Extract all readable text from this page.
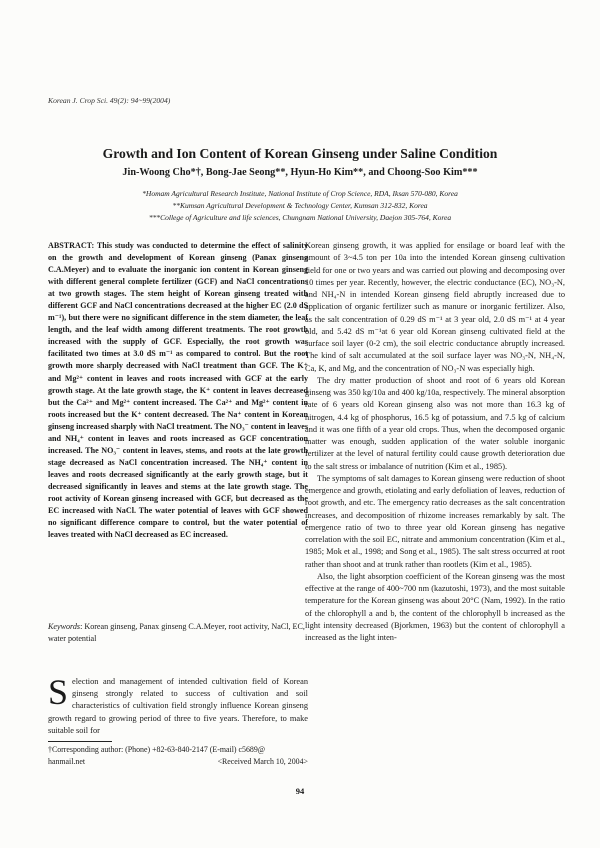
Korean J. Crop Sci. 49(2): 94~99(2004)
Growth and Ion Content of Korean Ginseng under Saline Condition
Jin-Woong Cho*†, Bong-Jae Seong**, Hyun-Ho Kim**, and Choong-Soo Kim***
*Homam Agricultural Research Institute, National Institute of Crop Science, RDA, Iksan 570-080, Korea
**Kumsan Agricultural Development & Technology Center, Kumsan 312-832, Korea
***College of Agriculture and life sciences, Chungnam National University, Daejon 305-764, Korea

ABSTRACT: This study was conducted to determine the effect of salinity on the growth and development of Korean ginseng (Panax ginseng C.A.Meyer) and to evaluate the inorganic ion content in Korean ginseng with different general complete fertilizer (GCF) and NaCl concentrations at two growth stages. The stem height of Korean ginseng treated with different GCF and NaCl concentrations decreased at the higher EC (2.0 dS m⁻¹), but there were no significant difference in the stem diameter, the leaf length, and the leaf width among different treatments. The root growth increased with the supply of GCF. Especially, the root growth was facilitated two times at 3.0 dS m⁻¹ as compared to control. But the root growth more sharply decreased with NaCl treatment than GCF. The K⁺ and Mg²⁺ content in leaves and roots increased with GCF at the early growth stage. At the late growth stage, the K⁺ content in leaves decreased but the Ca²⁺ and Mg²⁺ content increased. The Ca²⁺ and Mg²⁺ content in roots increased but the K⁺ content decreased. The Na⁺ content in Korean ginseng increased sharply with NaCl treatment. The NO₃⁻ content in leaves and NH₄⁺ content in leaves and roots increased as GCF concentration increased. The NO₃⁻ content in leaves, stems, and roots at the late growth stage decreased as NaCl concentration increased. The NH₄⁺ content in leaves and roots decreased significantly at the early growth stage, but it decreased significantly in leaves and stems at the late growth stage. The root activity of Korean ginseng increased with GCF, but decreased as the EC increased with NaCl. The water potential of leaves with GCF showed no significant difference compare to control, but the water potential of leaves treated with NaCl decreased as EC increased.

Keywords: Korean ginseng, Panax ginseng C.A.Meyer, root activity, NaCl, EC, water potential

Selection and management of intended cultivation field of Korean ginseng strongly related to success of cultivation and soil characteristics of cultivation field strongly influence Korean ginseng growth regard to growing period of three to five years. Therefore, to make suitable soil for

†Corresponding author: (Phone) +82-63-840-2147 (E-mail) c5689@
hanmail.net	<Received March 10, 2004>

Korean ginseng growth, it was applied for ensilage or board leaf with the amount of 3~4.5 ton per 10a into the intended Korean ginseng cultivation field for one or two years and was carried out plowing and decomposing over 10 times per year. Recently, however, the electric conductance (EC), NO₃-N, and NH₄-N in intended Korean ginseng field abruptly increased due to application of organic fertilizer such as manure or inorganic fertilizer. Also, as the salt concentration of 0.29 dS m⁻¹ at 3 year old, 2.0 dS m⁻¹ at 4 year old, and 5.42 dS m⁻¹at 6 year old Korean ginseng cultivated field at the surface soil layer (0-2 cm), the soil electric conductance abruptly increased. The kind of salt accumulated at the soil surface layer was NO₃-N, NH₄-N, Ca, K, and Mg, and the concentration of NO₃-N was especially high.

The dry matter production of shoot and root of 6 years old Korean ginseng was 350 kg/10a and 400 kg/10a, respectively. The mineral absorption rate of 6 years old Korean ginseng also was not more than 16.3 kg of nitrogen, 4.4 kg of phosphorus, 16.5 kg of potassium, and 7.5 kg of calcium and it was one fifth of a year old crops. Thus, when the decomposed organic matter was enough, sudden application of the water soluble inorganic fertilizer at the level of natural fertility could cause growth deterioration due to the salt stress or imbalance of nutrition (Kim et al., 1985).

The symptoms of salt damages to Korean ginseng were reduction of shoot emergence and growth, etiolating and early defoliation of leaves, reduction of root growth, and etc. The emergency ratio decreases as the salt concentration increases, and decomposition of rhizome increases remarkably by salt. The emergence ratio of two to three year old Korean ginseng has negative correlation with the soil EC, nitrate and ammonium concentration (Kim et al., 1985; Mok et al., 1998; and Song et al., 1985). The salt stress occurred at root rather than shoot and at trunk rather than rootlets (Kim et al., 1985).

Also, the light absorption coefficient of the Korean ginseng was the most effective at the range of 400~700 nm (kazutoshi, 1973), and the most suitable temperature for the Korean ginseng was about 20°C (Nam, 1992). In the ratio of the chlorophyll a and b, the content of the chlorophyll b increased as the light intensity decreased (Bjorkmen, 1963) but the content of chlorophyll a increased as the light inten-

94
